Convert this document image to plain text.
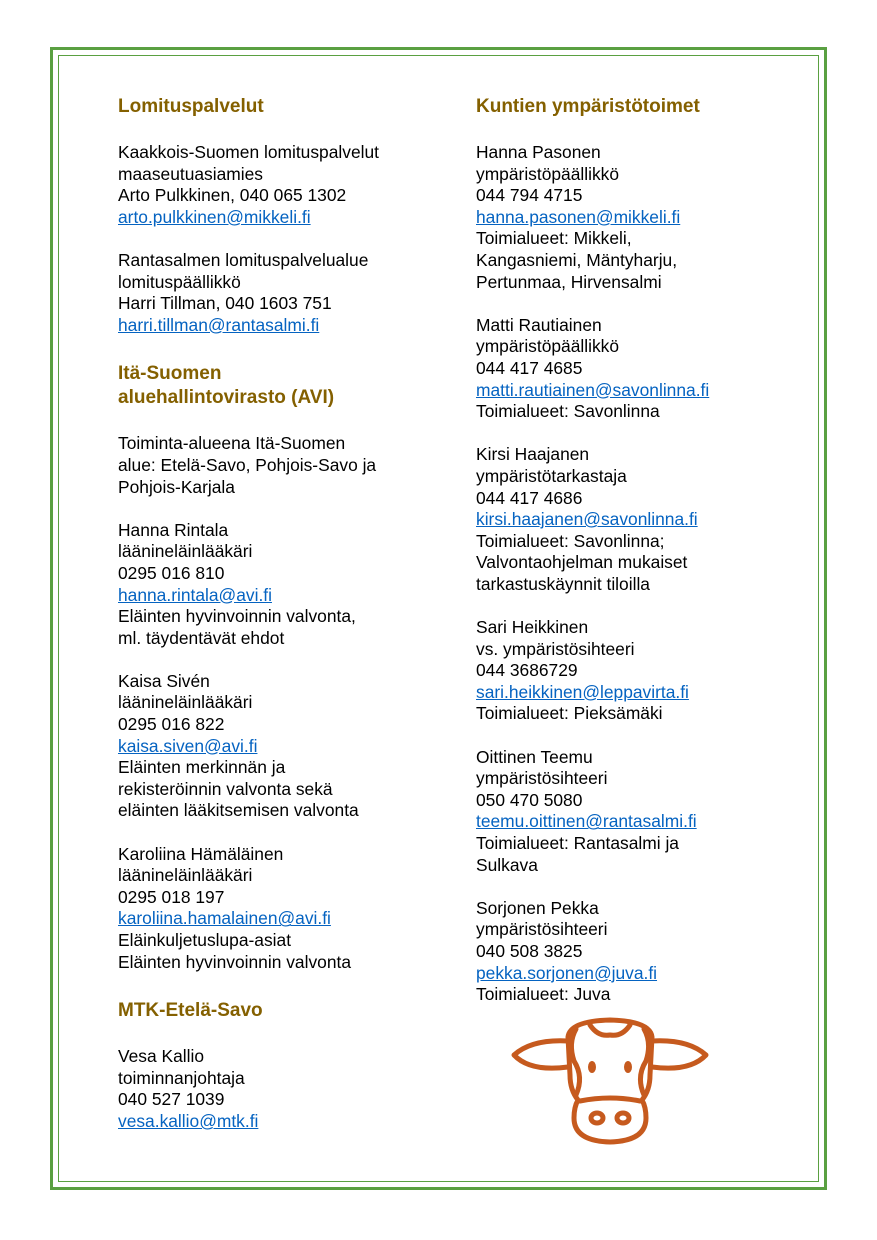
Lomituspalvelut
Kaakkois-Suomen lomituspalvelut
maaseutuasiamies
Arto Pulkkinen, 040 065 1302
arto.pulkkinen@mikkeli.fi
Rantasalmen lomituspalvelualue
lomituspäällikkö
Harri Tillman, 040 1603 751
harri.tillman@rantasalmi.fi
Itä-Suomen
aluehallintovirasto (AVI)
Toiminta-alueena Itä-Suomen
alue: Etelä-Savo, Pohjois-Savo ja
Pohjois-Karjala
Hanna Rintala
läänineläinlääkäri
0295 016 810
hanna.rintala@avi.fi
Eläinten hyvinvoinnin valvonta,
ml. täydentävät ehdot
Kaisa Sivén
läänineläinlääkäri
0295 016 822
kaisa.siven@avi.fi
Eläinten merkinnän ja
rekisteröinnin valvonta sekä
eläinten lääkitsemisen valvonta
Karoliina Hämäläinen
läänineläinlääkäri
0295 018 197
karoliina.hamalainen@avi.fi
Eläinkuljetuslupa-asiat
Eläinten hyvinvoinnin valvonta
MTK-Etelä-Savo
Vesa Kallio
toiminnanjohtaja
040 527 1039
vesa.kallio@mtk.fi
Kuntien ympäristötoimet
Hanna Pasonen
ympäristöpäällikkö
044 794 4715
hanna.pasonen@mikkeli.fi
Toimialueet: Mikkeli,
Kangasniemi, Mäntyharju,
Pertunmaa, Hirvensalmi
Matti Rautiainen
ympäristöpäällikkö
044 417 4685
matti.rautiainen@savonlinna.fi
Toimialueet: Savonlinna
Kirsi Haajanen
ympäristötarkastaja
044 417 4686
kirsi.haajanen@savonlinna.fi
Toimialueet: Savonlinna;
Valvontaohjelman mukaiset
tarkastuskäynnit tiloilla
Sari Heikkinen
vs. ympäristösihteeri
044 3686729
sari.heikkinen@leppavirta.fi
Toimialueet: Pieksämäki
Oittinen Teemu
ympäristösihteeri
050 470 5080
teemu.oittinen@rantasalmi.fi
Toimialueet: Rantasalmi ja
Sulkava
Sorjonen Pekka
ympäristösihteeri
040 508 3825
pekka.sorjonen@juva.fi
Toimialueet: Juva
